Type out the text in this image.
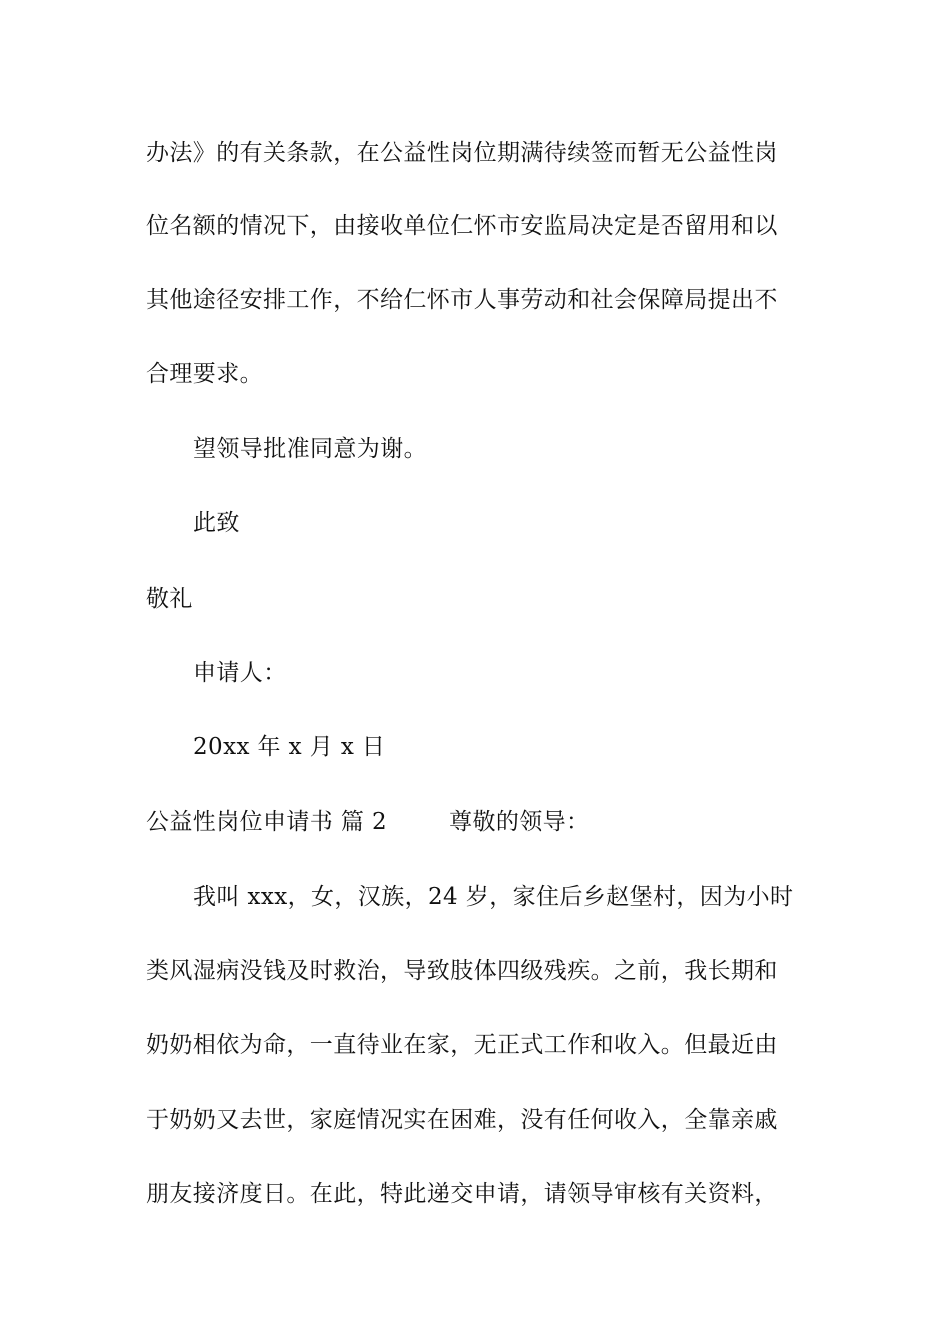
办法》的有关条款，在公益性岗位期满待续签而暂无公益性岗
位名额的情况下，由接收单位仁怀市安监局决定是否留用和以
其他途径安排工作，不给仁怀市人事劳动和社会保障局提出不
合理要求。
望领导批准同意为谢。
此致
敬礼
申请人：
20xx 年 x 月 x 日
公益性岗位申请书 篇 2	尊敬的领导：
我叫 xxx，女，汉族，24 岁，家住后乡赵堡村，因为小时
类风湿病没钱及时救治，导致肢体四级残疾。之前，我长期和
奶奶相依为命，一直待业在家，无正式工作和收入。但最近由
于奶奶又去世，家庭情况实在困难，没有任何收入，全靠亲戚
朋友接济度日。在此，特此递交申请，请领导审核有关资料，
